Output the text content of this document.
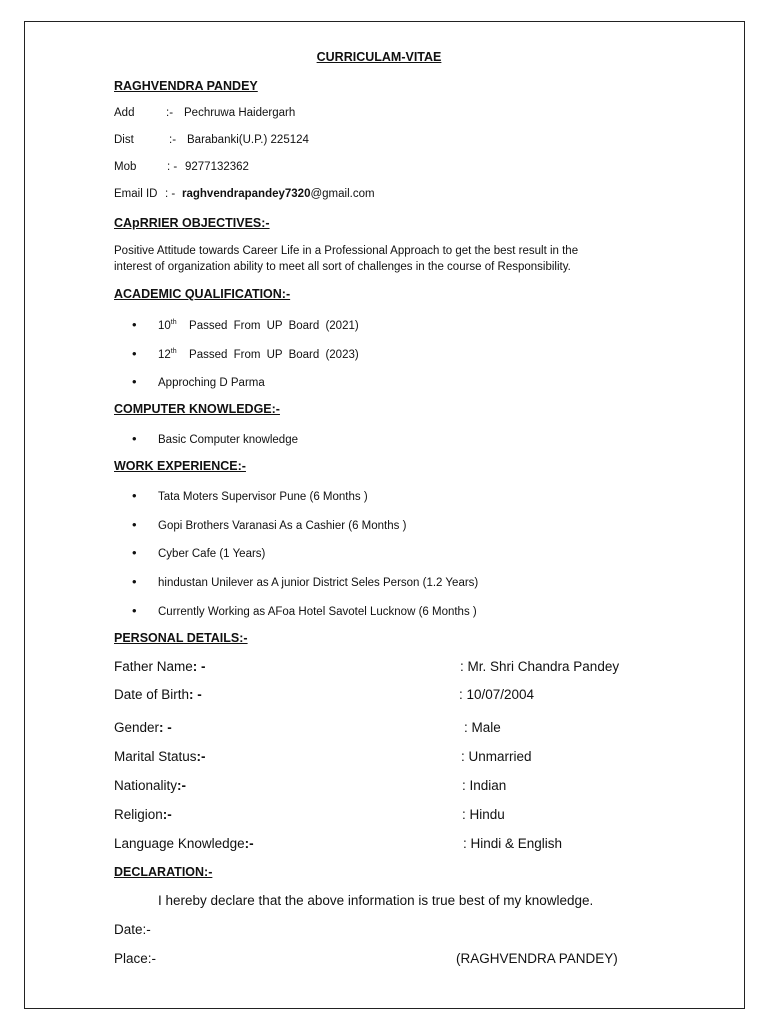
CURRICULAM-VITAE
RAGHVENDRA PANDEY
Add	:- Pechruwa Haidergarh
Dist	:- Barabanki(U.P.) 225124
Mob	: - 9277132362
Email ID : - raghvendrapandey7320@gmail.com
CApRRIER OBJECTIVES:-
Positive Attitude towards Career Life in a Professional Approach to get the best result in the
interest of organization ability to meet all sort of challenges in the course of Responsibility.
ACADEMIC QUALIFICATION:-
• 10th Passed From UP Board (2021)
• 12th Passed From UP Board (2023)
• Approching D Parma
COMPUTER KNOWLEDGE:-
• Basic Computer knowledge
WORK EXPERIENCE:-
• Tata Moters Supervisor Pune (6 Months )
• Gopi Brothers Varanasi As a Cashier (6 Months )
• Cyber Cafe (1 Years)
• hindustan Unilever as A junior District Seles Person (1.2 Years)
• Currently Working as AFoa Hotel Savotel Lucknow (6 Months )
PERSONAL DETAILS:-
Father Name: -	: Mr. Shri Chandra Pandey
Date of Birth: -	: 10/07/2004
Gender: -	: Male
Marital Status:-	: Unmarried
Nationality:-	: Indian
Religion:-	: Hindu
Language Knowledge:-	: Hindi & English
DECLARATION:-
I hereby declare that the above information is true best of my knowledge.
Date:-
Place:-	(RAGHVENDRA PANDEY)
